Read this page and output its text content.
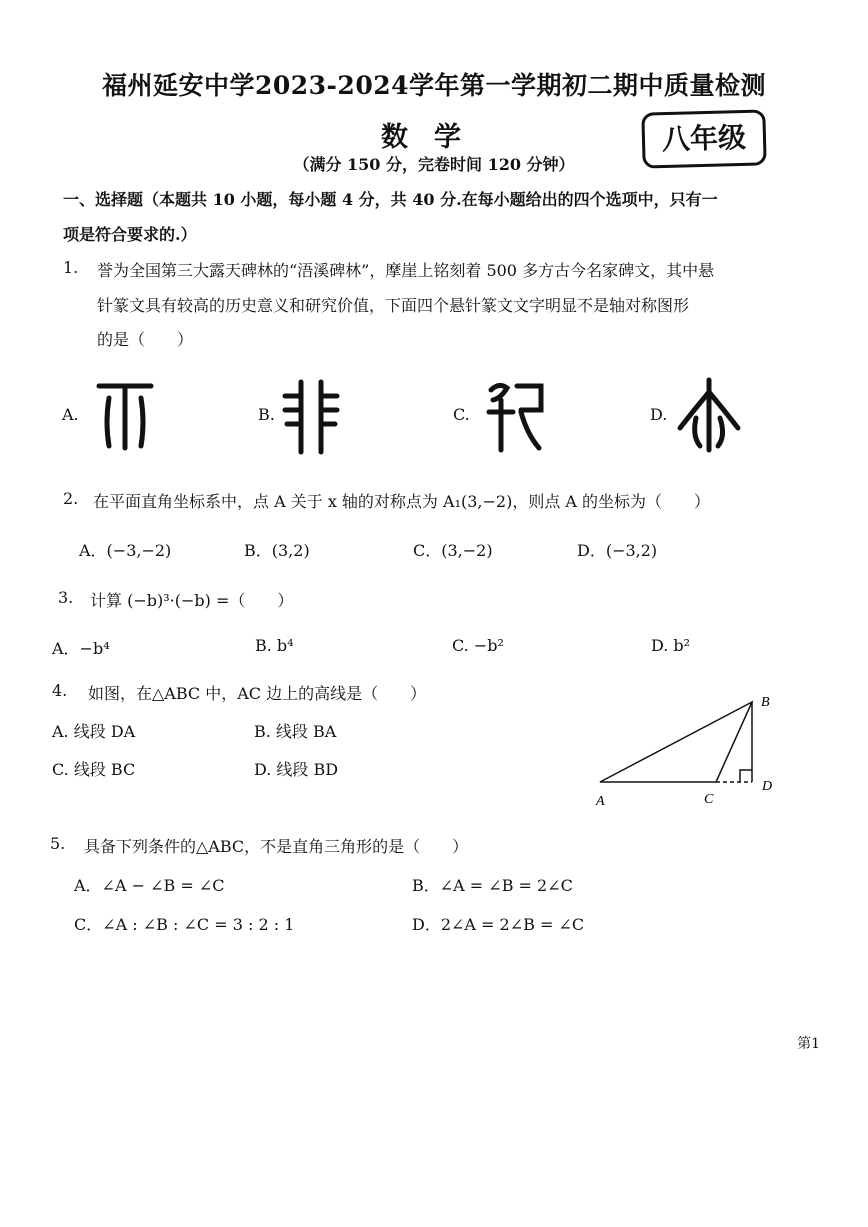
福州延安中学2023-2024学年第一学期初二期中质量检测
数学	八年级
（满分 150 分，完卷时间 120 分钟）
一、选择题（本题共 10 小题，每小题 4 分，共 40 分.在每小题给出的四个选项中，只有一
项是符合要求的.）
1. 誉为全国第三大露天碑林的“浯溪碑林”，摩崖上铭刻着 500 多方古今名家碑文，其中悬
针篆文具有较高的历史意义和研究价值，下面四个悬针篆文文字明显不是轴对称图形
的是（　　）
A.	B.	C.	D.
2. 在平面直角坐标系中，点 A 关于 x 轴的对称点为 A₁(3,−2)，则点 A 的坐标为（　　）
A．(−3,−2)	B．(3,2)	C．(3,−2)	D．(−3,2)
3. 计算 (−b)³·(−b) =（　　）
A．−b⁴	B. b⁴	C. −b²	D. b²
4. 如图，在△ABC 中，AC 边上的高线是（　　）
A. 线段 DA	B. 线段 BA
C. 线段 BC	D. 线段 BD
A
B
C
D
5. 具备下列条件的△ABC，不是直角三角形的是（　　）
A．∠A − ∠B = ∠C	B．∠A = ∠B = 2∠C
C．∠A : ∠B : ∠C = 3 : 2 : 1	D．2∠A = 2∠B = ∠C
第1
